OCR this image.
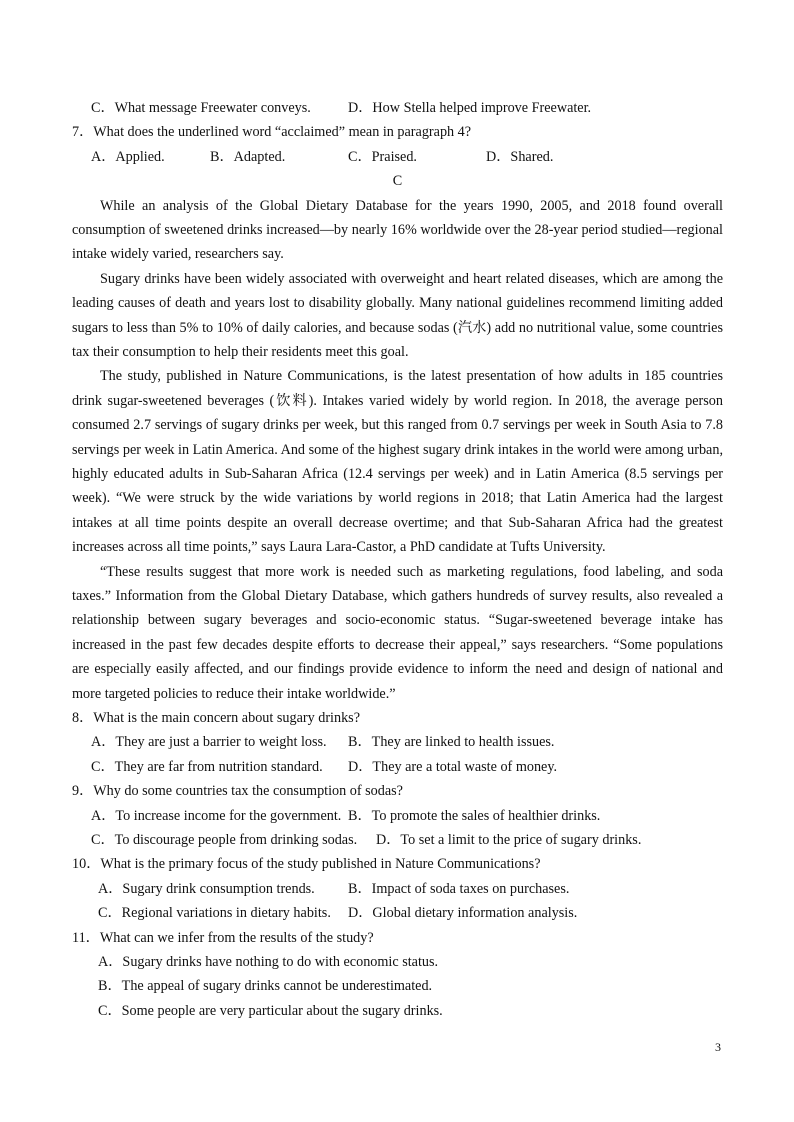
C．What message Freewater conveys.	D．How Stella helped improve Freewater.
7．What does the underlined word “acclaimed” mean in paragraph 4?
A．Applied.	B．Adapted.	C．Praised.	D．Shared.
C

While an analysis of the Global Dietary Database for the years 1990, 2005, and 2018 found overall consumption of sweetened drinks increased—by nearly 16% worldwide over the 28-year period studied—regional intake widely varied, researchers say.

Sugary drinks have been widely associated with overweight and heart related diseases, which are among the leading causes of death and years lost to disability globally. Many national guidelines recommend limiting added sugars to less than 5% to 10% of daily calories, and because sodas (汽水) add no nutritional value, some countries tax their consumption to help their residents meet this goal.

The study, published in Nature Communications, is the latest presentation of how adults in 185 countries drink sugar-sweetened beverages (饮料). Intakes varied widely by world region. In 2018, the average person consumed 2.7 servings of sugary drinks per week, but this ranged from 0.7 servings per week in South Asia to 7.8 servings per week in Latin America. And some of the highest sugary drink intakes in the world were among urban, highly educated adults in Sub-Saharan Africa (12.4 servings per week) and in Latin America (8.5 servings per week). “We were struck by the wide variations by world regions in 2018; that Latin America had the largest intakes at all time points despite an overall decrease overtime; and that Sub-Saharan Africa had the greatest increases across all time points,” says Laura Lara-Castor, a PhD candidate at Tufts University.

“These results suggest that more work is needed such as marketing regulations, food labeling, and soda taxes.” Information from the Global Dietary Database, which gathers hundreds of survey results, also revealed a relationship between sugary beverages and socio-economic status. “Sugar-sweetened beverage intake has increased in the past few decades despite efforts to decrease their appeal,” says researchers. “Some populations are especially easily affected, and our findings provide evidence to inform the need and design of national and more targeted policies to reduce their intake worldwide.”

8．What is the main concern about sugary drinks?
A．They are just a barrier to weight loss. B．They are linked to health issues.
C．They are far from nutrition standard. D．They are a total waste of money.
9．Why do some countries tax the consumption of sodas?
A．To increase income for the government. B．To promote the sales of healthier drinks.
C．To discourage people from drinking sodas. D．To set a limit to the price of sugary drinks.
10．What is the primary focus of the study published in Nature Communications?
A．Sugary drink consumption trends. B．Impact of soda taxes on purchases.
C．Regional variations in dietary habits. D．Global dietary information analysis.
11．What can we infer from the results of the study?
A．Sugary drinks have nothing to do with economic status.
B．The appeal of sugary drinks cannot be underestimated.
C．Some people are very particular about the sugary drinks.
3
